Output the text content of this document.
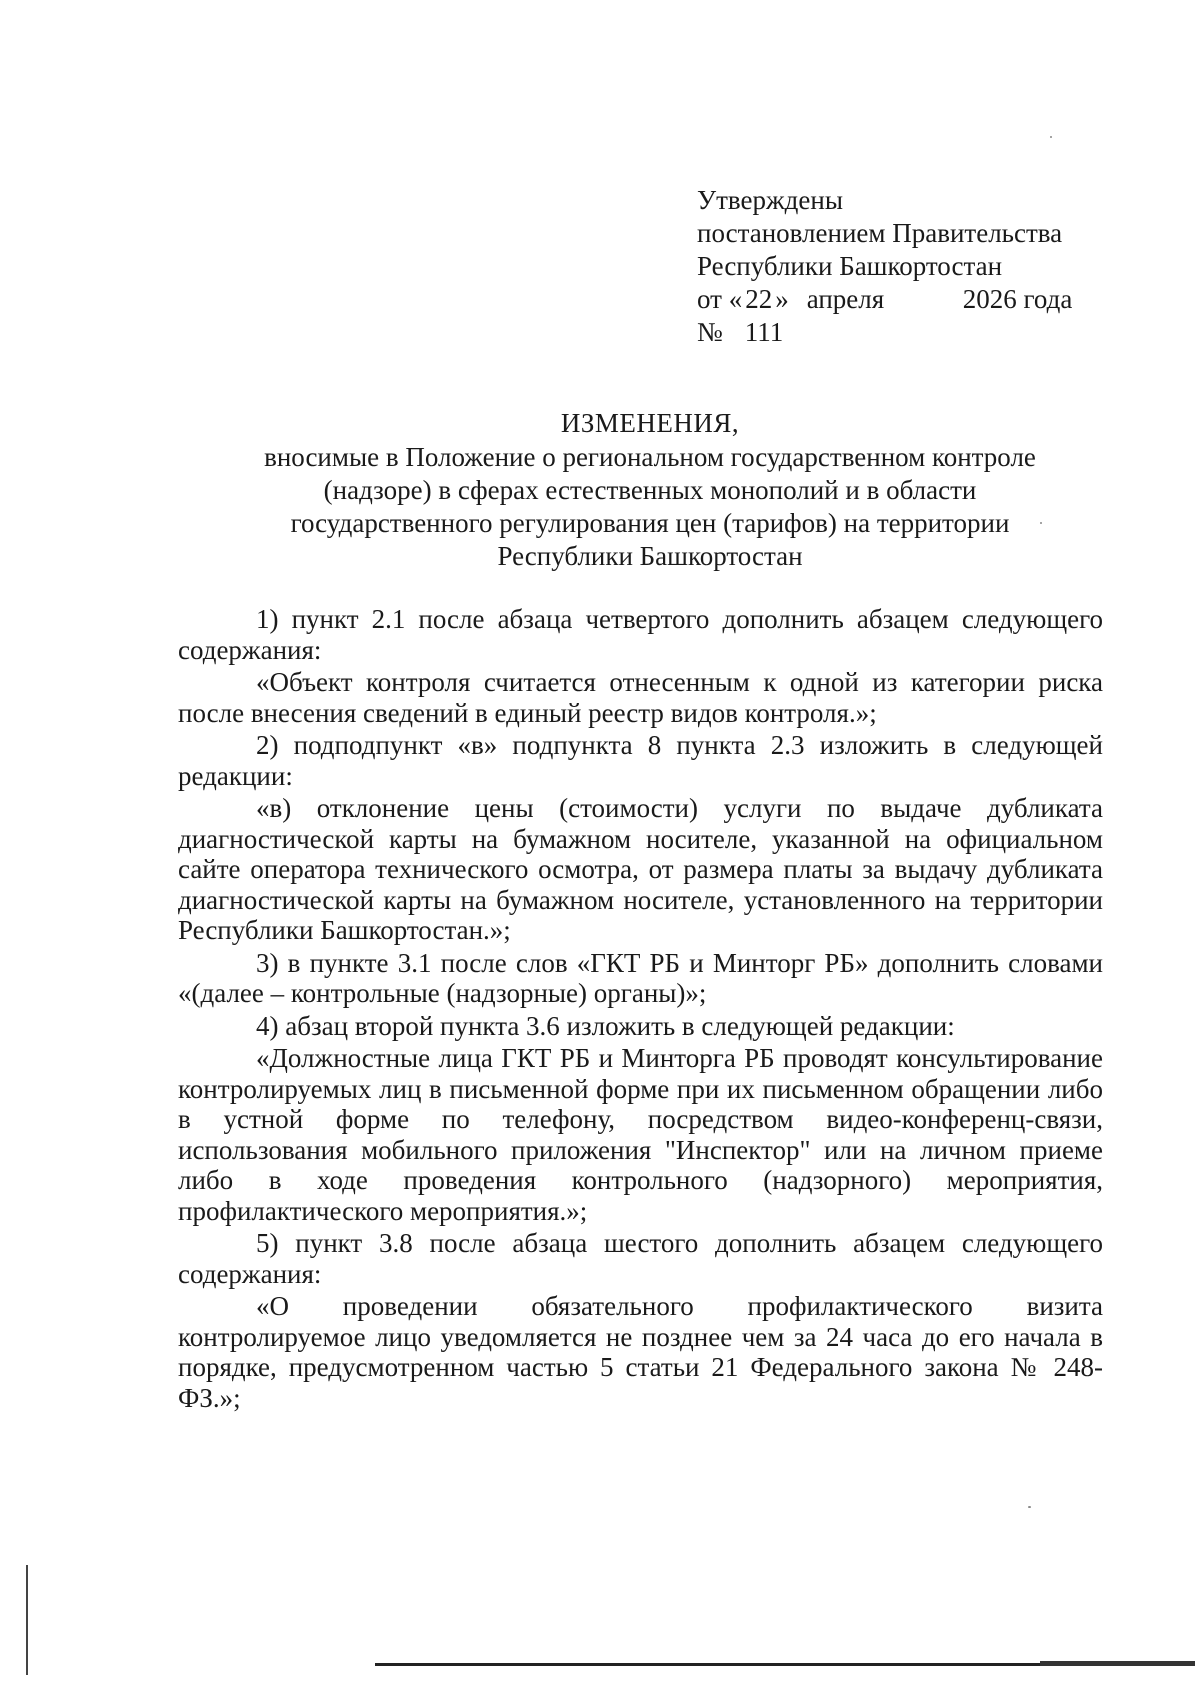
Утверждены
постановлением Правительства
Республики Башкортостан
от « 22 » апреля	2026 года
№ 111
ИЗМЕНЕНИЯ,
вносимые в Положение о региональном государственном контроле
(надзоре) в сферах естественных монополий и в области
государственного регулирования цен (тарифов) на территории
Республики Башкортостан

1) пункт 2.1 после абзаца четвертого дополнить абзацем следующего содержания:

«Объект контроля считается отнесенным к одной из категории риска после внесения сведений в единый реестр видов контроля.»;

2) подподпункт «в» подпункта 8 пункта 2.3 изложить в следующей редакции:

«в) отклонение цены (стоимости) услуги по выдаче дубликата диагностической карты на бумажном носителе, указанной на официальном сайте оператора технического осмотра, от размера платы за выдачу дубликата диагностической карты на бумажном носителе, установленного на территории Республики Башкортостан.»;

3) в пункте 3.1 после слов «ГКТ РБ и Минторг РБ» дополнить словами «(далее – контрольные (надзорные) органы)»;

4) абзац второй пункта 3.6 изложить в следующей редакции:

«Должностные лица ГКТ РБ и Минторга РБ проводят консультирование контролируемых лиц в письменной форме при их письменном обращении либо в устной форме по телефону, посредством видео-конференц-связи, использования мобильного приложения "Инспектор" или на личном приеме либо в ходе проведения контрольного (надзорного) мероприятия, профилактического мероприятия.»;

5) пункт 3.8 после абзаца шестого дополнить абзацем следующего содержания:

«О проведении обязательного профилактического визита контролируемое лицо уведомляется не позднее чем за 24 часа до его начала в порядке, предусмотренном частью 5 статьи 21 Федерального закона № 248-ФЗ.»;
